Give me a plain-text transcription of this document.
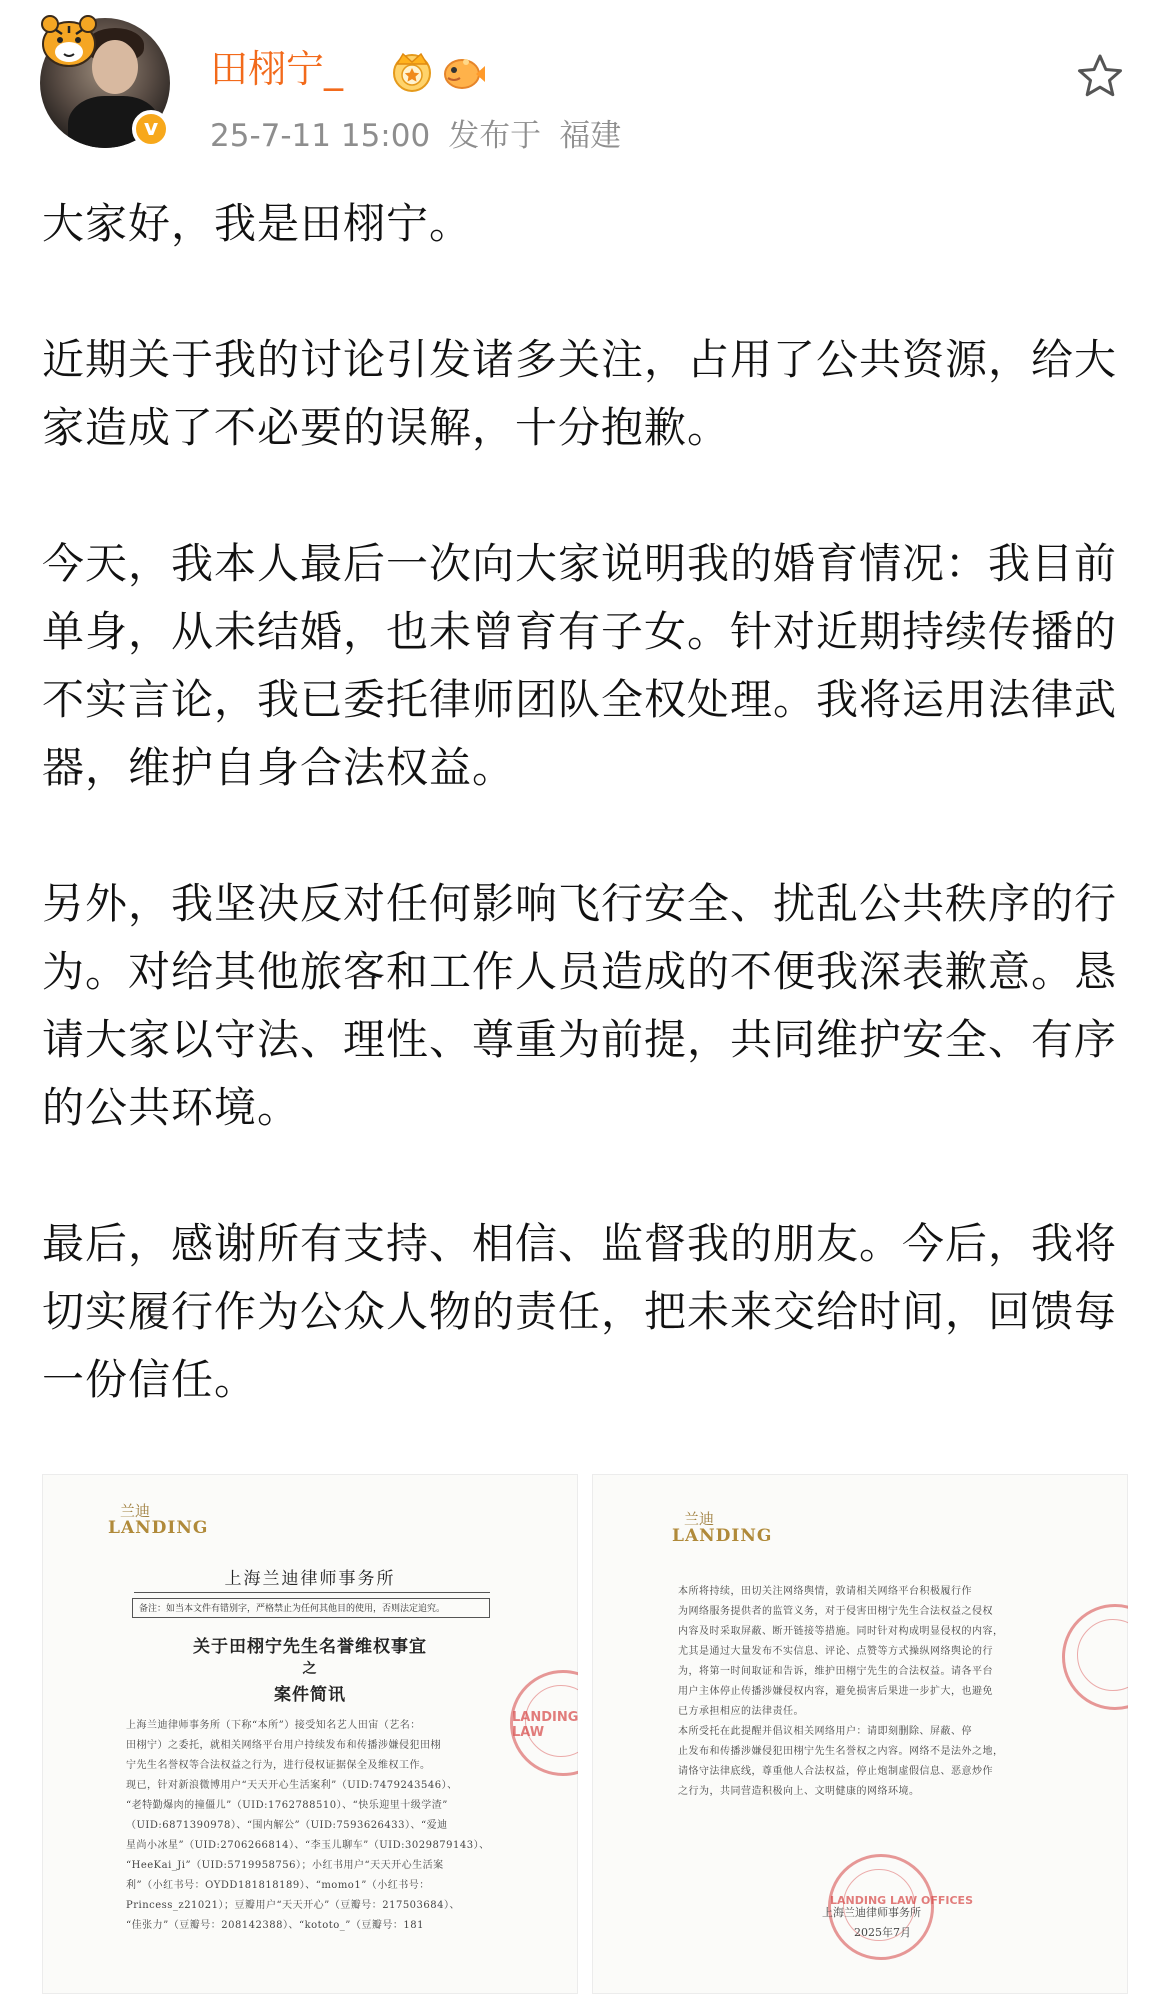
v
田栩宁_
25-7-11 15:00 发布于 福建

大家好，我是田栩宁。

近期关于我的讨论引发诸多关注，占用了公共资源，给大家造成了不必要的误解，十分抱歉。

今天，我本人最后一次向大家说明我的婚育情况：我目前单身，从未结婚，也未曾育有子女。针对近期持续传播的不实言论，我已委托律师团队全权处理。我将运用法律武器，维护自身合法权益。

另外，我坚决反对任何影响飞行安全、扰乱公共秩序的行为。对给其他旅客和工作人员造成的不便我深表歉意。恳请大家以守法、理性、尊重为前提，共同维护安全、有序的公共环境。

最后，感谢所有支持、相信、监督我的朋友。今后，我将切实履行作为公众人物的责任，把未来交给时间，回馈每一份信任。

兰迪
LANDING
上海兰迪律师事务所
备注：如当本文件有错别字，严格禁止为任何其他目的使用，否则法定追究。
关于田栩宁先生名誉维权事宜
之
案件简讯

上海兰迪律师事务所（下称“本所”）接受知名艺人田宙（艺名：

田栩宁）之委托，就相关网络平台用户持续发布和传播涉嫌侵犯田栩

宁先生名誉权等合法权益之行为，进行侵权证据保全及维权工作。

现已，针对新浪微博用户“天天开心生活案利”（UID:7479243546）、

“老特勤爆肉的撞僵儿”（UID:1762788510）、“快乐迎里十级学渣”

（UID:6871390978）、“围内解公”（UID:7593626433）、“爱迪

星尚小冰星”（UID:2706266814）、“李玉儿聊车”（UID:3029879143）、

“HeeKai_Ji”（UID:5719958756）；小红书用户“天天开心生活案

利”（小红书号：OYDD181818189）、“momo1”（小红书号：

Princess_z21021）；豆瓣用户“天天开心”（豆瓣号：217503684）、

“佳张力”（豆瓣号：208142388）、“kototo_”（豆瓣号：181

LANDING LAW
兰迪
LANDING

本所将持续，田切关注网络舆情，敦请相关网络平台积极履行作

为网络服务提供者的监管义务，对于侵害田栩宁先生合法权益之侵权

内容及时采取屏蔽、断开链接等措施。同时针对构成明显侵权的内容，

尤其是通过大量发布不实信息、评论、点赞等方式操纵网络舆论的行

为，将第一时间取证和告诉，维护田栩宁先生的合法权益。请各平台

用户主体停止传播涉嫌侵权内容，避免损害后果进一步扩大，也避免

已方承担相应的法律责任。

本所受托在此提醒并倡议相关网络用户：请即刻删除、屏蔽、停

止发布和传播涉嫌侵犯田栩宁先生名誉权之内容。网络不是法外之地，

请恪守法律底线，尊重他人合法权益，停止炮制虚假信息、恶意炒作

之行为，共同营造积极向上、文明健康的网络环境。

LANDING LAW OFFICES
上海兰迪律师事务所
2025年7月
